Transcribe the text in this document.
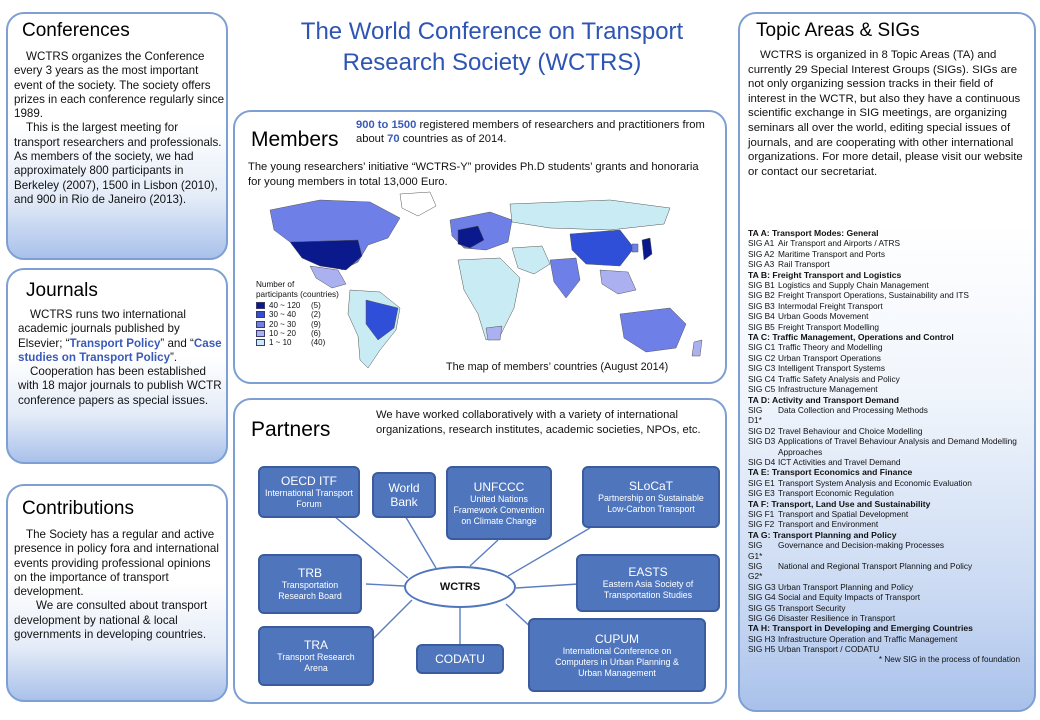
The World Conference on Transport
Research Society (WCTRS)
Conferences

WCTRS organizes the Conference every 3 years as the most important event of the society. The society offers prizes in each conference regularly since 1989.

This is the largest meeting for transport researchers and professionals. As members of the society, we had approximately 800 participants in Berkeley (2007), 1500 in Lisbon (2010), and 900 in Rio de Janeiro (2013).

Journals

WCTRS runs two international academic journals published by Elsevier; “Transport Policy” and “Case studies on Transport Policy”.

Cooperation has been established with 18 major journals to publish WCTR conference papers as special issues.

Contributions

The Society has a regular and active presence in policy fora and international events providing professional opinions on the importance of transport development.

We are consulted about transport development by national & local governments in developing countries.

Members
900 to 1500 registered members of researchers and practitioners from about 70 countries as of 2014.
The young researchers’ initiative “WCTRS-Y” provides Ph.D students’ grants and honoraria for young members in total 13,000 Euro.
Number of
participants (countries)
40 ~ 120	(5)
30 ~ 40	(2)
20 ~ 30	(9)
10 ~ 20	(6)
1 ~ 10	(40)
The map of members’ countries (August 2014)
Partners
We have worked collaboratively with a variety of international organizations, research institutes, academic societies, NPOs, etc.
OECD ITF
International Transport Forum
World Bank
UNFCCC
United Nations Framework Convention on Climate Change
SLoCaT
Partnership on Sustainable Low-Carbon Transport
TRB
Transportation Research Board
EASTS
Eastern Asia Society of Transportation Studies
TRA
Transport Research Arena
CODATU
CUPUM
International Conference on Computers in Urban Planning & Urban Management
WCTRS
Topic Areas & SIGs
WCTRS is organized in 8 Topic Areas (TA) and currently 29 Special Interest Groups (SIGs). SIGs are not only organizing session tracks in their field of interest in the WCTR, but also they have a continuous scientific exchange in SIG meetings, are organizing seminars all over the world, editing special issues of journals, and are cooperating with other international organizations. For more detail, please visit our website or contact our secretariat.
TA A: Transport Modes: General
SIG A1 Air Transport and Airports / ATRS
SIG A2 Maritime Transport and Ports
SIG A3 Rail Transport
TA B: Freight Transport and Logistics
SIG B1 Logistics and Supply Chain Management
SIG B2 Freight Transport Operations, Sustainability and ITS
SIG B3 Intermodal Freight Transport
SIG B4 Urban Goods Movement
SIG B5 Freight Transport Modelling
TA C: Traffic Management, Operations and Control
SIG C1 Traffic Theory and Modelling
SIG C2 Urban Transport Operations
SIG C3 Intelligent Transport Systems
SIG C4 Traffic Safety Analysis and Policy
SIG C5 Infrastructure Management
TA D: Activity and Transport Demand
SIG D1*
Data Collection and Processing Methods
SIG D2 Travel Behaviour and Choice Modelling
SIG D3 Applications of Travel Behaviour Analysis and Demand Modelling Approaches
SIG D4 ICT Activities and Travel Demand
TA E: Transport Economics and Finance
SIG E1 Transport System Analysis and Economic Evaluation
SIG E3 Transport Economic Regulation
TA F: Transport, Land Use and Sustainability
SIG F1 Transport and Spatial Development
SIG F2 Transport and Environment
TA G: Transport Planning and Policy
SIG G1*
Governance and Decision-making Processes
SIG G2*
National and Regional Transport Planning and Policy
SIG G3 Urban Transport Planning and Policy
SIG G4 Social and Equity Impacts of Transport
SIG G5 Transport Security
SIG G6 Disaster Resilience in Transport
TA H: Transport in Developing and Emerging Countries
SIG H3 Infrastructure Operation and Traffic Management
SIG H5 Urban Transport / CODATU
* New SIG in the process of foundation
